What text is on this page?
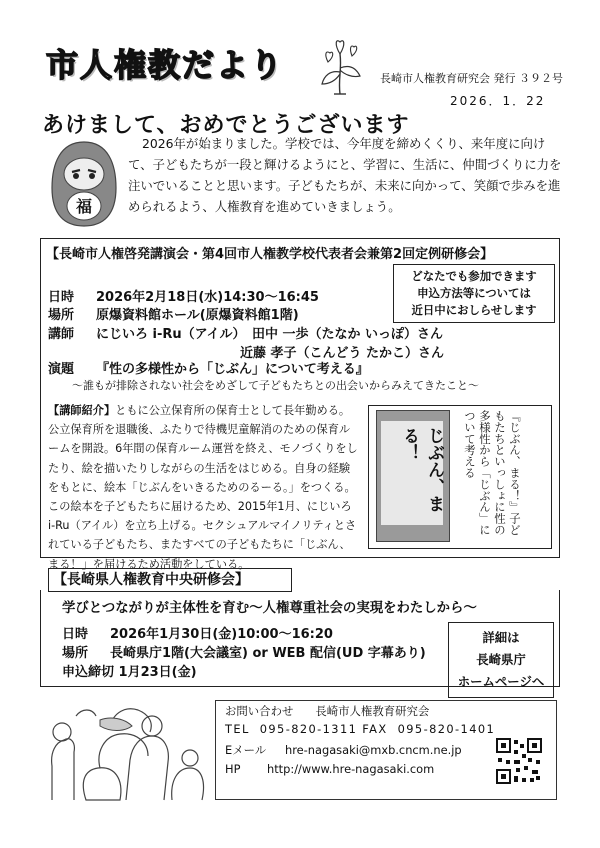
市人権教だより	長崎市人権教育研究会 発行 ３９２号
2026．1．22
あけまして、おめでとうございます
福
2026年が始まりました。学校では、今年度を締めくくり、来年度に向けて、子どもたちが一段と輝けるようにと、学習に、生活に、仲間づくりに力を注いでいることと思います。子どもたちが、未来に向かって、笑顔で歩みを進められるよう、人権教育を進めていきましょう。
【長崎市人権啓発講演会・第4回市人権教学校代表者会兼第2回定例研修会】
どなたでも参加できます
申込方法等については
近日中におしらせします
日時 2026年2月18日(水)14:30～16:45
場所 原爆資料館ホール(原爆資料館1階)
講師 にじいろ i-Ru（アイル）　田中 一歩（たなか いっぽ）さん
近藤 孝子（こんどう たかこ）さん
演題 『性の多様性から「じぶん」について考える』
～誰もが排除されない社会をめざして子どもたちとの出会いからみえてきたこと～
【講師紹介】ともに公立保育所の保育士として長年勤める。公立保育所を退職後、ふたりで待機児童解消のための保育ルームを開設。6年間の保育ルーム運営を終え、モノづくりをしたり、絵を描いたりしながらの生活をはじめる。自身の経験をもとに、絵本「じぶんをいきるためのるーる。」をつくる。この絵本を子どもたちに届けるため、2015年1月、にじいろ i-Ru（アイル）を立ち上げる。セクシュアルマイノリティとされている子どもたち、またすべての子どもたちに「じぶん、まる！」を届けるため活動をしている。
じぶん、まる！	『じぶん、まる！』子どもたちといっしょに性の多様性から「じぶん」について考える
【長崎県人権教育中央研修会】
学びとつながりが主体性を育む～人権尊重社会の実現をわたしから～
日時 2026年1月30日(金)10:00～16:20
場所 長崎県庁1階(大会議室) or WEB 配信(UD 字幕あり)
申込締切 1月23日(金)
詳細は
長崎県庁
ホームページへ
お問い合わせ 長崎市人権教育研究会
TEL 095-820-1311 FAX 095-820-1401
Eメール hre-nagasaki@mxb.cncm.ne.jp
HP http://www.hre-nagasaki.com
